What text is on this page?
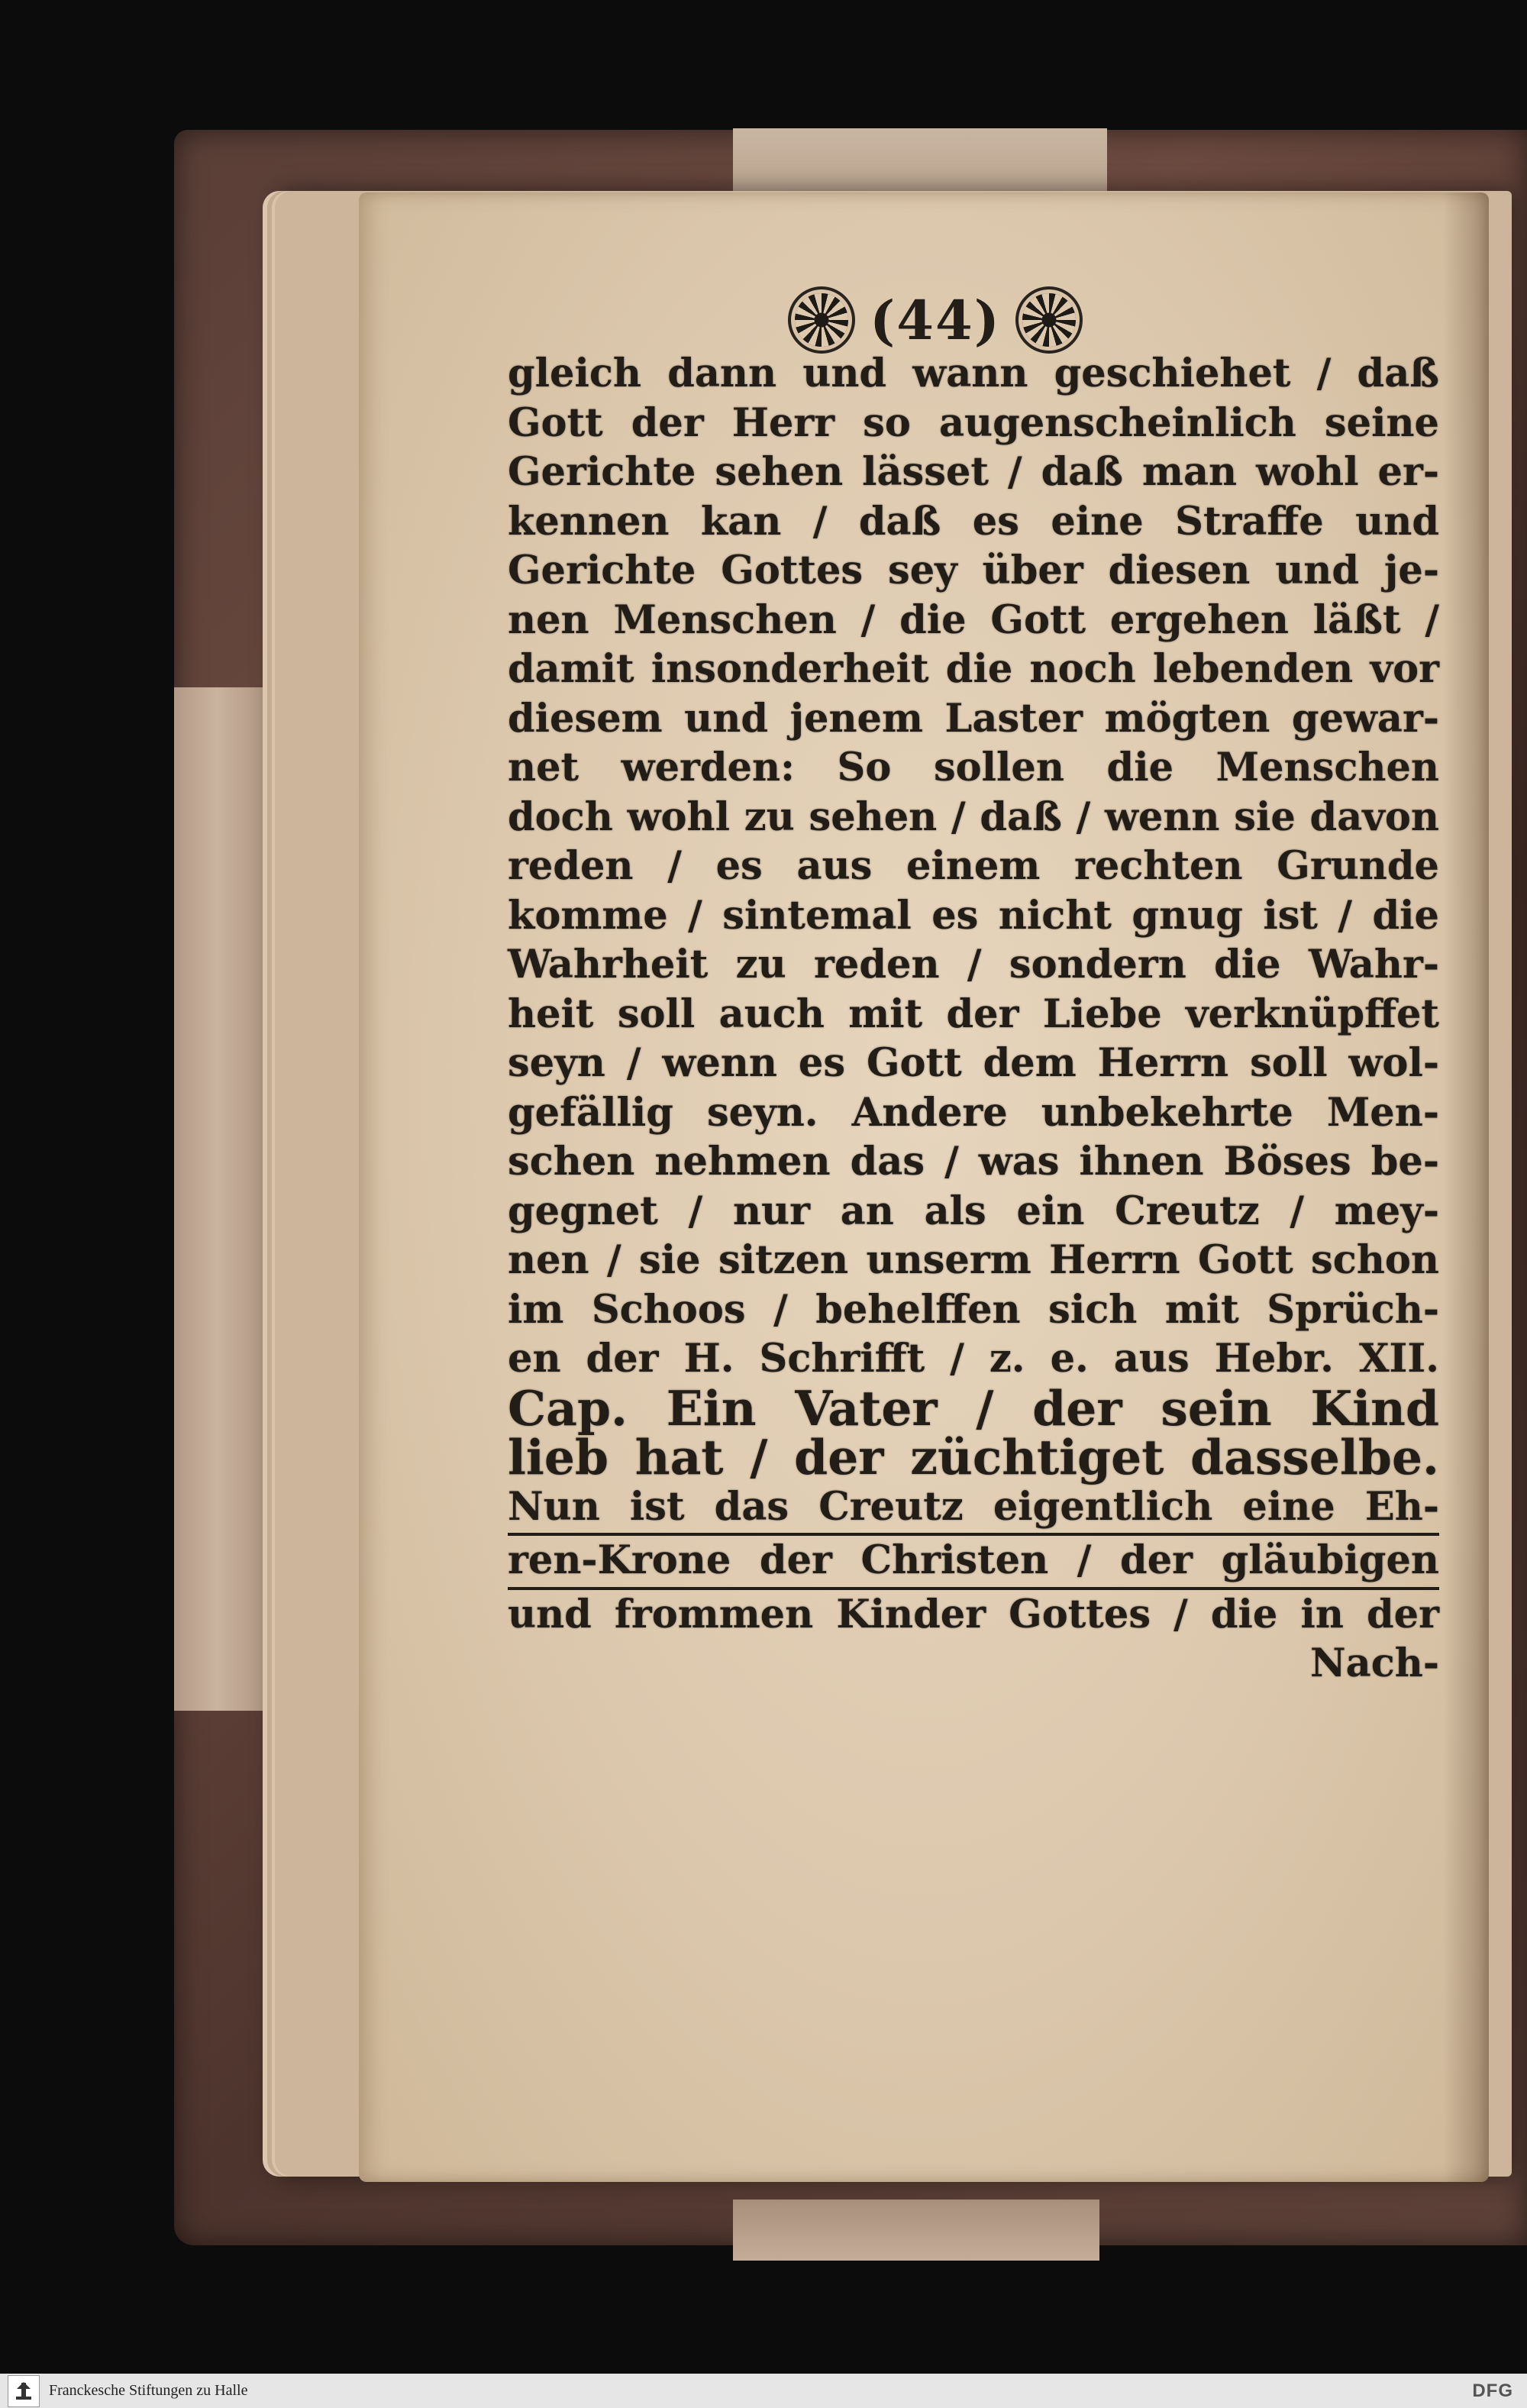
(44)
gleich dann und wann geschiehet / daß
Gott der Herr so augenscheinlich seine
Gerichte sehen lässet / daß man wohl er-
kennen kan / daß es eine Straffe und
Gerichte Gottes sey über diesen und je-
nen Menschen / die Gott ergehen läßt /
damit insonderheit die noch lebenden vor
diesem und jenem Laster mögten gewar-
net werden: So sollen die Menschen
doch wohl zu sehen / daß / wenn sie davon
reden / es aus einem rechten Grunde
komme / sintemal es nicht gnug ist / die
Wahrheit zu reden / sondern die Wahr-
heit soll auch mit der Liebe verknüpffet
seyn / wenn es Gott dem Herrn soll wol-
gefällig seyn. Andere unbekehrte Men-
schen nehmen das / was ihnen Böses be-
gegnet / nur an als ein Creutz / mey-
nen / sie sitzen unserm Herrn Gott schon
im Schoos / behelffen sich mit Sprüch-
en der H. Schrifft / z. e. aus Hebr. XII.
Cap. Ein Vater / der sein Kind
lieb hat / der züchtiget dasselbe.
Nun ist das Creutz eigentlich eine Eh-
ren-Krone der Christen / der gläubigen
und frommen Kinder Gottes / die in der
Nach-
Franckesche Stiftungen zu Halle	DFG
